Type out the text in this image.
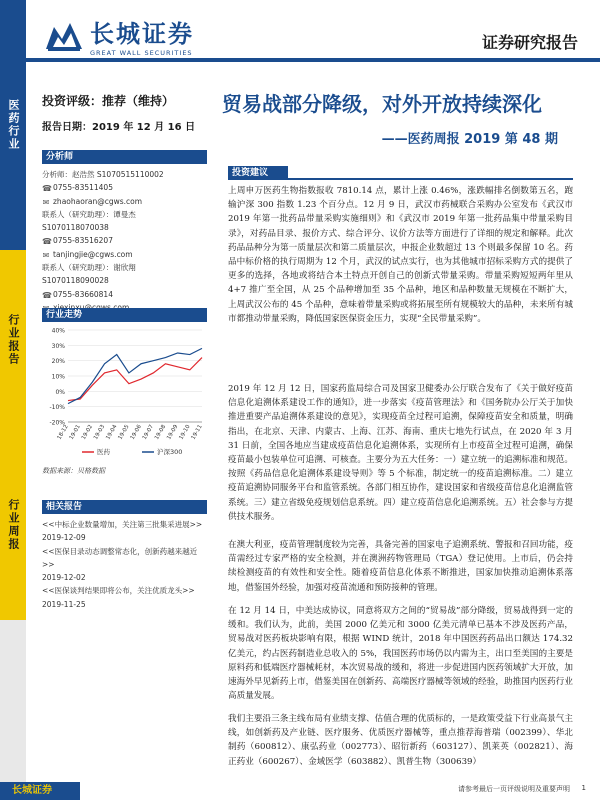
医药行业
行业报告
行业周报
长城证券
GREAT WALL SECURITIES
证券研究报告
投资评级：推荐（维持）
报告日期：2019 年 12 月 16 日
贸易战部分降级，对外开放持续深化
——医药周报 2019 第 48 期
分析师
分析师：赵浩然 S1070515110002
☎0755-83511405
✉ zhaohaoran@cgws.com
联系人（研究助理）：谭曼杰
S1070118070038
☎0755-83516207
✉ tanjingjie@cgws.com
联系人（研究助理）：谢欣翔
S1070118090028
☎0755-83660814
行业走势
40%
30%
20%
10%
0%
-10%
-20%
18-12
19-01
19-02
19-03
19-04
19-05
19-06
19-07
19-08
19-09
19-10
19-11
医药	沪深300
数据来源：贝格数据
相关报告
<<中标企业数量增加，关注第三批集采进展>>
2019-12-09
<<医保目录动态调整常态化，创新药越来越近>>
2019-12-02
<<医保谈判结果即将公布，关注优质龙头>>
2019-11-25
投资建议
上周申万医药生物指数报收 7810.14 点，累计上涨 0.46%，涨跌幅排名倒数第五名，跑输沪深 300 指数 1.23 个百分点。12 月 9 日，武汉市药械联合采购办公室发布《武汉市 2019 年第一批药品带量采购实施细则》和《武汉市 2019 年第一批药品集中带量采购目录》，对药品目录、报价方式、综合评分、议价方法等方面进行了详细的规定和解释。此次药品品种分为第一质量层次和第二质量层次，申报企业数超过 13 个则最多保留 10 名。药品中标价格的执行周期为 12 个月，武汉的试点实行，也为其他城市招标采购方式的提供了更多的选择，各地或将结合本土特点开创自己的创新式带量采购。带量采购短短两年里从 4+7 推广至全国，从 25 个品种增加至 35 个品种，地区和品种数量无规模在不断扩大，上周武汉公布的 45 个品种，意味着带量采购或将拓展至所有规模较大的品种，未来所有城市都推动带量采购，降低国家医保资金压力，实现“全民带量采购”。
2019 年 12 月 12 日，国家药监局综合司及国家卫健委办公厅联合发布了《关于做好疫苗信息化追溯体系建设工作的通知》，进一步落实《疫苗管理法》和《国务院办公厅关于加快推进重要产品追溯体系建设的意见》，实现疫苗全过程可追溯，保障疫苗安全和质量，明确指出，在北京、天津、内蒙古、上海、江苏、海南、重庆七地先行试点，在 2020 年 3 月 31 日前，全国各地应当建成疫苗信息化追溯体系，实现所有上市疫苗全过程可追溯，确保疫苗最小包装单位可追溯、可核查。主要分为五大任务：一）建立统一的追溯标准和规范。按照《药品信息化追溯体系建设导则》等 5 个标准，制定统一的疫苗追溯标准。二）建立疫苗追溯协同服务平台和监管系统。各部门相互协作，建设国家和省级疫苗信息化追溯监管系统。三）建立省级免疫规划信息系统。四）建立疫苗信息化追溯系统。五）社会参与方提供技术服务。
在澳大利亚，疫苗管理制度较为完善，具备完善的国家电子追溯系统、警报和召回功能，疫苗需经过专家严格的安全检测，并在澳洲药物管理局（TGA）登记使用。上市后，仍会持续检测疫苗的有效性和安全性。随着疫苗信息化体系不断推进，国家加快推动追溯体系落地，借鉴国外经验，加强对疫苗流通和预防接种的管理。
在 12 月 14 日，中美达成协议，同意将双方之间的“贸易战”部分降级，贸易战得到一定的缓和。我们认为，此前，美国 2000 亿美元和 3000 亿美元清单已基本不涉及医药产品，贸易战对医药板块影响有限，根据 WIND 统计，2018 年中国医药药品出口额达 174.32 亿美元，约占医药制造业总收入的 5%，我国医药市场仍以内需为主，出口至美国的主要是原料药和低端医疗器械耗材，本次贸易战的缓和，将进一步促进国内医药领域扩大开放，加速海外早见新药上市，借鉴美国在创新药、高端医疗器械等领域的经验，助推国内医药行业高质量发展。
我们主要沿三条主线布局有业绩支撑、估值合理的优质标的，一是政策受益下行业高景气主线，如创新药及产业链、医疗服务、优质医疗器械等，重点推荐海普瑞（002399）、华北制药（600812）、康弘药业（002773）、昭衍新药（603127）、凯莱英（002821）、海正药业（600267）、金域医学（603882）、凯普生物（300639）
长城证券	请参考最后一页评级说明及重要声明 1
